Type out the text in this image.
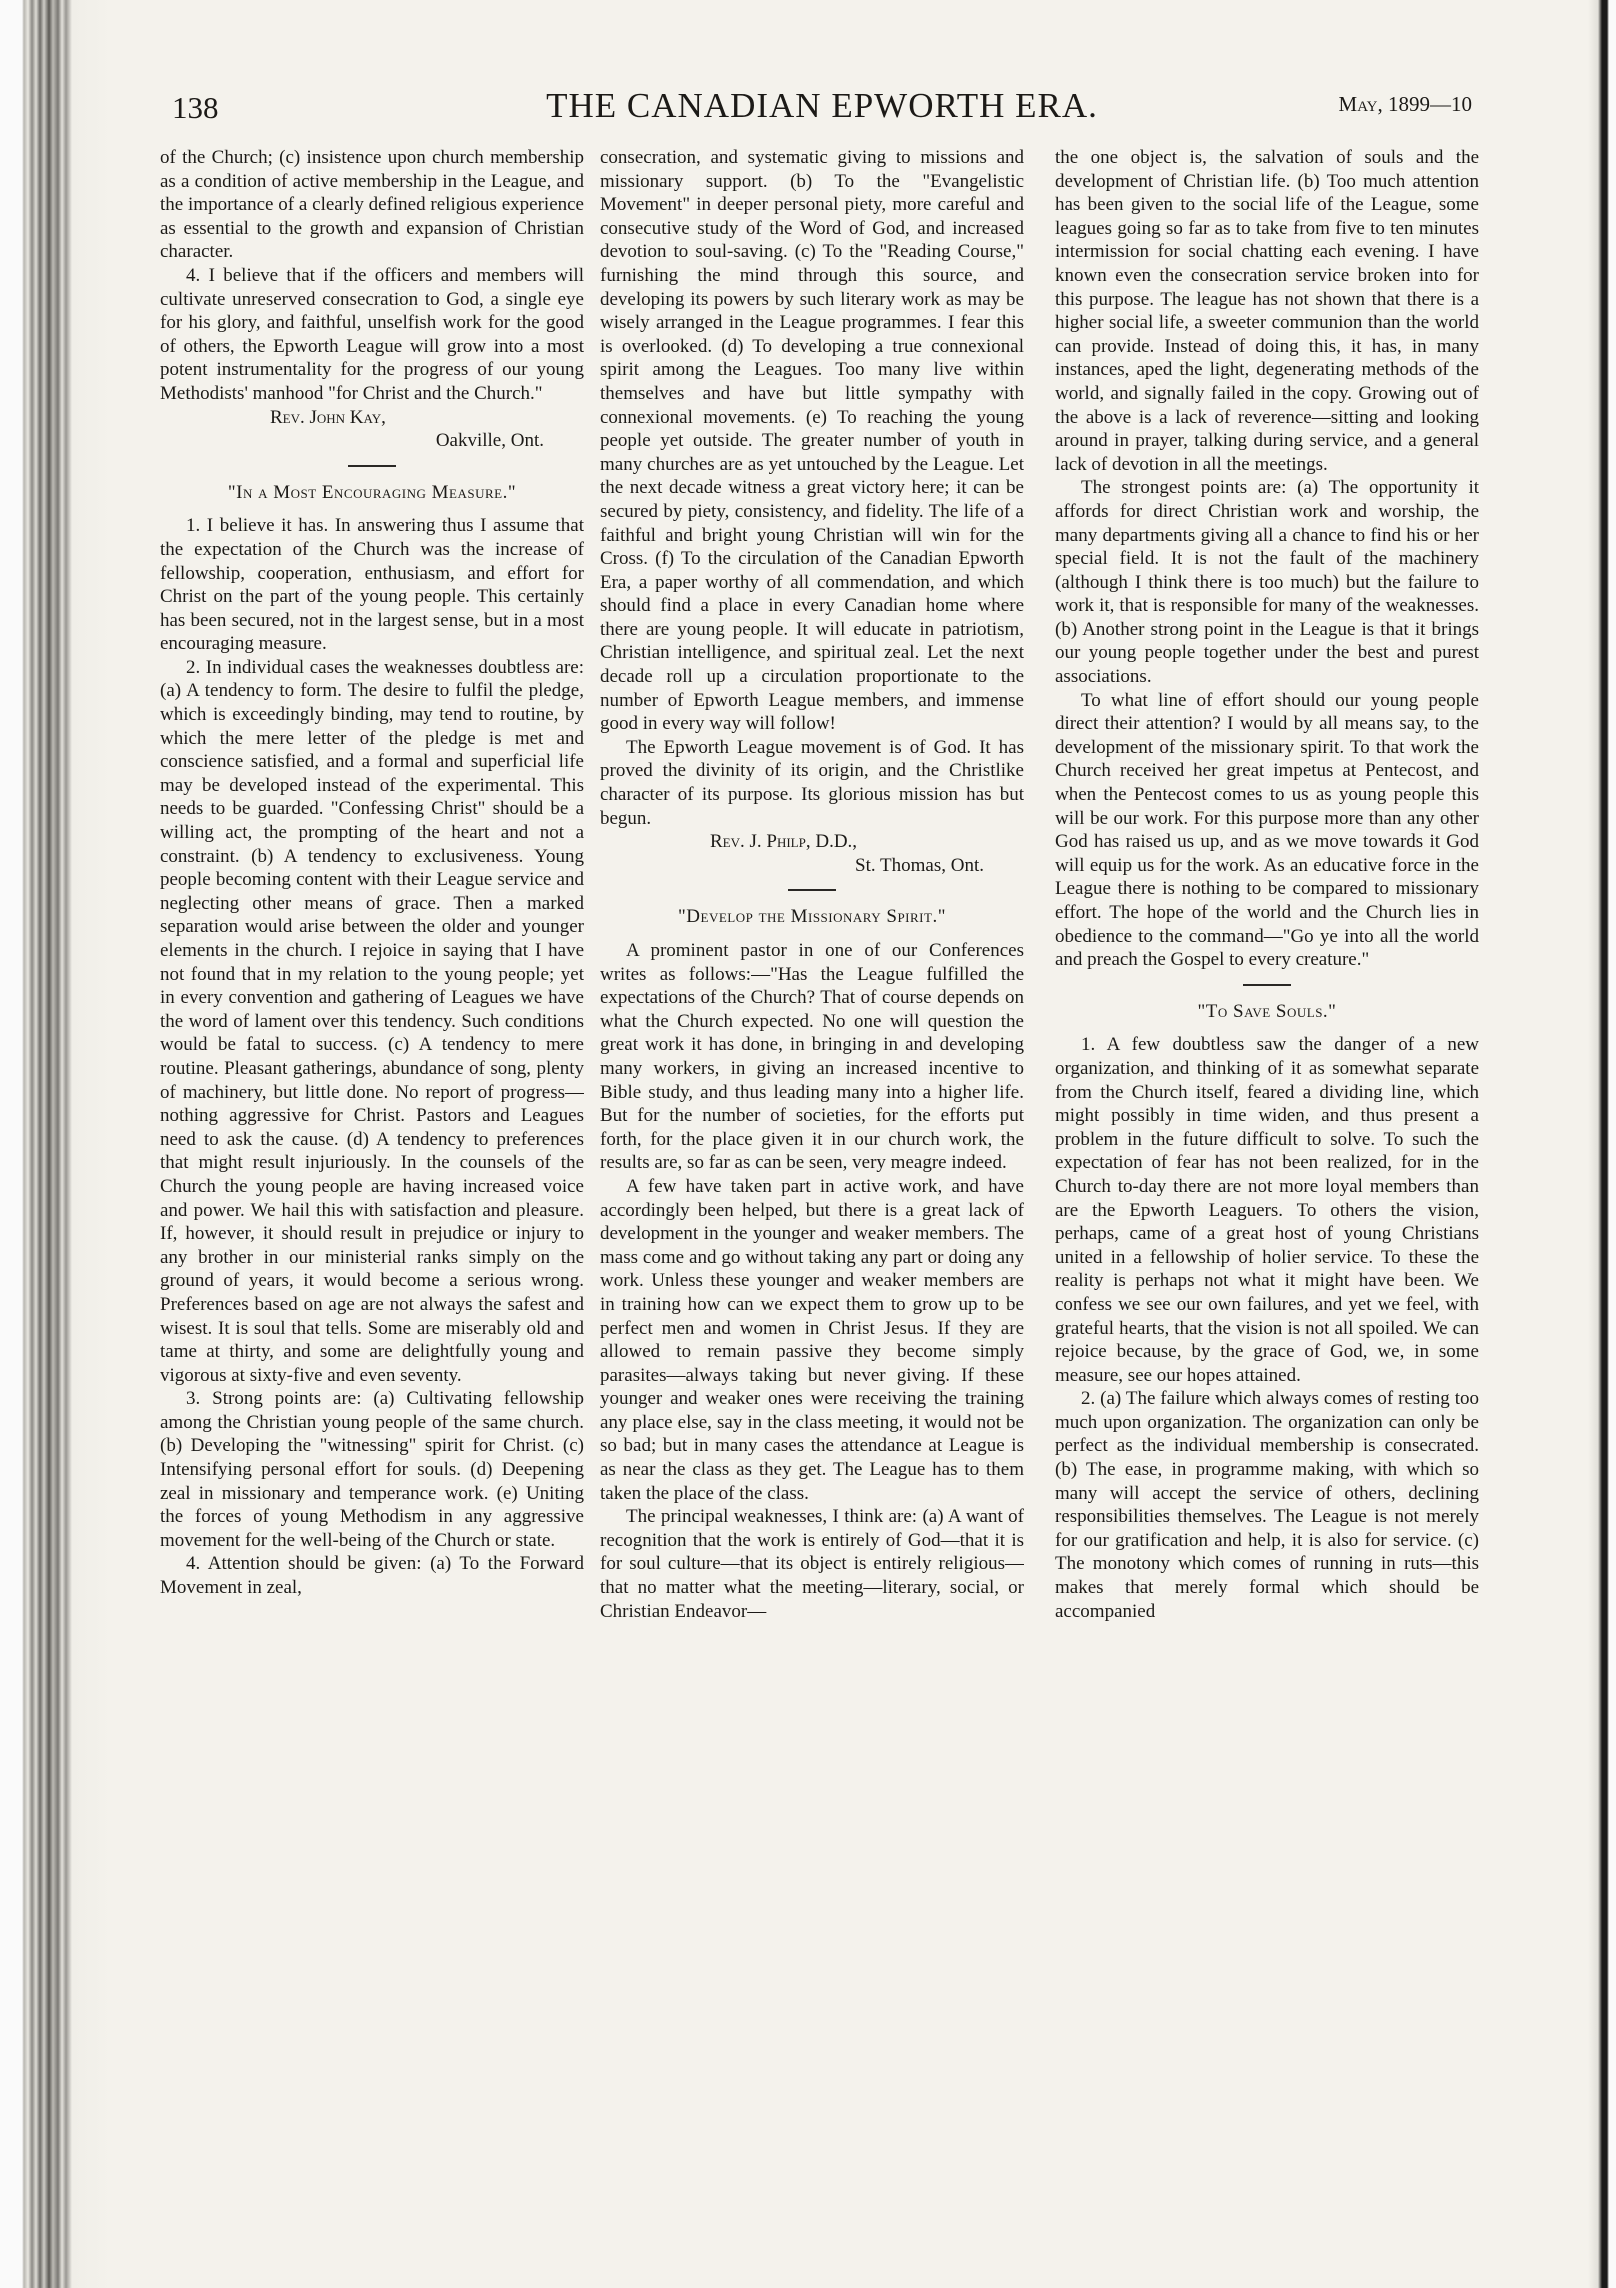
138	THE CANADIAN EPWORTH ERA.	May, 1899—10

of the Church; (c) insistence upon church membership as a condition of active membership in the League, and the importance of a clearly defined religious experience as essential to the growth and expansion of Christian character.

4. I believe that if the officers and members will cultivate unreserved consecration to God, a single eye for his glory, and faithful, unselfish work for the good of others, the Epworth League will grow into a most potent instrumentality for the progress of our young Methodists' manhood "for Christ and the Church."

Rev. John Kay,

Oakville, Ont.

"In a Most Encouraging Measure."

1. I believe it has. In answering thus I assume that the expectation of the Church was the increase of fellowship, cooperation, enthusiasm, and effort for Christ on the part of the young people. This certainly has been secured, not in the largest sense, but in a most encouraging measure.

2. In individual cases the weaknesses doubtless are: (a) A tendency to form. The desire to fulfil the pledge, which is exceedingly binding, may tend to routine, by which the mere letter of the pledge is met and conscience satisfied, and a formal and superficial life may be developed instead of the experimental. This needs to be guarded. "Confessing Christ" should be a willing act, the prompting of the heart and not a constraint. (b) A tendency to exclusiveness. Young people becoming content with their League service and neglecting other means of grace. Then a marked separation would arise between the older and younger elements in the church. I rejoice in saying that I have not found that in my relation to the young people; yet in every convention and gathering of Leagues we have the word of lament over this tendency. Such conditions would be fatal to success. (c) A tendency to mere routine. Pleasant gatherings, abundance of song, plenty of machinery, but little done. No report of progress—nothing aggressive for Christ. Pastors and Leagues need to ask the cause. (d) A tendency to preferences that might result injuriously. In the counsels of the Church the young people are having increased voice and power. We hail this with satisfaction and pleasure. If, however, it should result in prejudice or injury to any brother in our ministerial ranks simply on the ground of years, it would become a serious wrong. Preferences based on age are not always the safest and wisest. It is soul that tells. Some are miserably old and tame at thirty, and some are delightfully young and vigorous at sixty-five and even seventy.

3. Strong points are: (a) Cultivating fellowship among the Christian young people of the same church. (b) Developing the "witnessing" spirit for Christ. (c) Intensifying personal effort for souls. (d) Deepening zeal in missionary and temperance work. (e) Uniting the forces of young Methodism in any aggressive movement for the well-being of the Church or state.

4. Attention should be given: (a) To the Forward Movement in zeal,

consecration, and systematic giving to missions and missionary support. (b) To the "Evangelistic Movement" in deeper personal piety, more careful and consecutive study of the Word of God, and increased devotion to soul-saving. (c) To the "Reading Course," furnishing the mind through this source, and developing its powers by such literary work as may be wisely arranged in the League programmes. I fear this is overlooked. (d) To developing a true connexional spirit among the Leagues. Too many live within themselves and have but little sympathy with connexional movements. (e) To reaching the young people yet outside. The greater number of youth in many churches are as yet untouched by the League. Let the next decade witness a great victory here; it can be secured by piety, consistency, and fidelity. The life of a faithful and bright young Christian will win for the Cross. (f) To the circulation of the Canadian Epworth Era, a paper worthy of all commendation, and which should find a place in every Canadian home where there are young people. It will educate in patriotism, Christian intelligence, and spiritual zeal. Let the next decade roll up a circulation proportionate to the number of Epworth League members, and immense good in every way will follow!

The Epworth League movement is of God. It has proved the divinity of its origin, and the Christlike character of its purpose. Its glorious mission has but begun.

Rev. J. Philp, D.D.,

St. Thomas, Ont.

"Develop the Missionary Spirit."

A prominent pastor in one of our Conferences writes as follows:—"Has the League fulfilled the expectations of the Church? That of course depends on what the Church expected. No one will question the great work it has done, in bringing in and developing many workers, in giving an increased incentive to Bible study, and thus leading many into a higher life. But for the number of societies, for the efforts put forth, for the place given it in our church work, the results are, so far as can be seen, very meagre indeed.

A few have taken part in active work, and have accordingly been helped, but there is a great lack of development in the younger and weaker members. The mass come and go without taking any part or doing any work. Unless these younger and weaker members are in training how can we expect them to grow up to be perfect men and women in Christ Jesus. If they are allowed to remain passive they become simply parasites—always taking but never giving. If these younger and weaker ones were receiving the training any place else, say in the class meeting, it would not be so bad; but in many cases the attendance at League is as near the class as they get. The League has to them taken the place of the class.

The principal weaknesses, I think are: (a) A want of recognition that the work is entirely of God—that it is for soul culture—that its object is entirely religious—that no matter what the meeting—literary, social, or Christian Endeavor—

the one object is, the salvation of souls and the development of Christian life. (b) Too much attention has been given to the social life of the League, some leagues going so far as to take from five to ten minutes intermission for social chatting each evening. I have known even the consecration service broken into for this purpose. The league has not shown that there is a higher social life, a sweeter communion than the world can provide. Instead of doing this, it has, in many instances, aped the light, degenerating methods of the world, and signally failed in the copy. Growing out of the above is a lack of reverence—sitting and looking around in prayer, talking during service, and a general lack of devotion in all the meetings.

The strongest points are: (a) The opportunity it affords for direct Christian work and worship, the many departments giving all a chance to find his or her special field. It is not the fault of the machinery (although I think there is too much) but the failure to work it, that is responsible for many of the weaknesses. (b) Another strong point in the League is that it brings our young people together under the best and purest associations.

To what line of effort should our young people direct their attention? I would by all means say, to the development of the missionary spirit. To that work the Church received her great impetus at Pentecost, and when the Pentecost comes to us as young people this will be our work. For this purpose more than any other God has raised us up, and as we move towards it God will equip us for the work. As an educative force in the League there is nothing to be compared to missionary effort. The hope of the world and the Church lies in obedience to the command—"Go ye into all the world and preach the Gospel to every creature."

"To Save Souls."

1. A few doubtless saw the danger of a new organization, and thinking of it as somewhat separate from the Church itself, feared a dividing line, which might possibly in time widen, and thus present a problem in the future difficult to solve. To such the expectation of fear has not been realized, for in the Church to-day there are not more loyal members than are the Epworth Leaguers. To others the vision, perhaps, came of a great host of young Christians united in a fellowship of holier service. To these the reality is perhaps not what it might have been. We confess we see our own failures, and yet we feel, with grateful hearts, that the vision is not all spoiled. We can rejoice because, by the grace of God, we, in some measure, see our hopes attained.

2. (a) The failure which always comes of resting too much upon organization. The organization can only be perfect as the individual membership is consecrated. (b) The ease, in programme making, with which so many will accept the service of others, declining responsibilities themselves. The League is not merely for our gratification and help, it is also for service. (c) The monotony which comes of running in ruts—this makes that merely formal which should be accompanied
